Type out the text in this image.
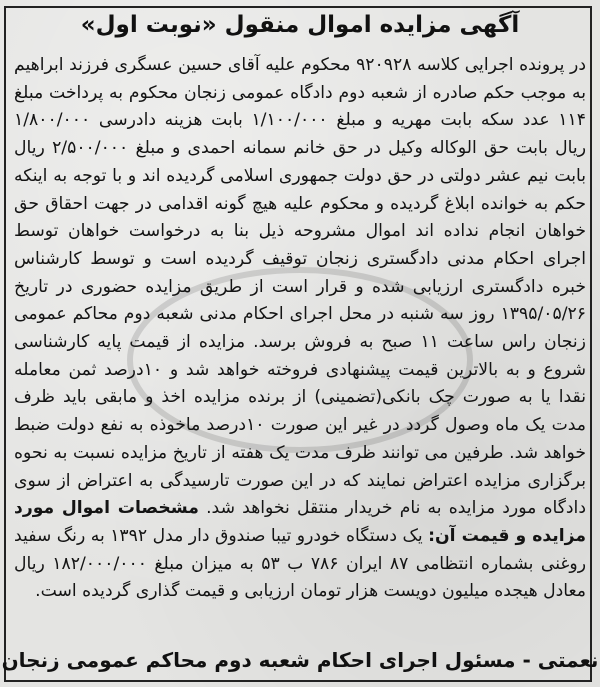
آگهی مزایده اموال منقول «نوبت اول»

در پرونده اجرایی کلاسه ۹۲۰۹۲۸ محکوم علیه آقای حسین عسگری فرزند ابراهیم به موجب حکم صادره از شعبه دوم دادگاه عمومی زنجان محکوم به پرداخت مبلغ ۱۱۴ عدد سکه بابت مهریه و مبلغ ۱/۱۰۰/۰۰۰ بابت هزینه دادرسی ۱/۸۰۰/۰۰۰ ریال بابت حق الوکاله وکیل در حق خانم سمانه احمدی و مبلغ ۲/۵۰۰/۰۰۰ ریال بابت نیم عشر دولتی در حق دولت جمهوری اسلامی گردیده اند و با توجه به اینکه حکم به خوانده ابلاغ گردیده و محکوم علیه هیچ گونه اقدامی در جهت احقاق حق خواهان انجام نداده اند اموال مشروحه ذیل بنا به درخواست خواهان توسط اجرای احکام مدنی دادگستری زنجان توقیف گردیده است و توسط کارشناس خبره دادگستری ارزیابی شده و قرار است از طریق مزایده حضوری در تاریخ ۱۳۹۵/۰۵/۲۶ روز سه شنبه در محل اجرای احکام مدنی شعبه دوم محاکم عمومی زنجان راس ساعت ۱۱ صبح به فروش برسد. مزایده از قیمت پایه کارشناسی شروع و به بالاترین قیمت پیشنهادی فروخته خواهد شد و ۱۰درصد ثمن معامله نقدا یا به صورت چک بانکی(تضمینی) از برنده مزایده اخذ و مابقی باید ظرف مدت یک ماه وصول گردد در غیر این صورت ۱۰درصد ماخوذه به نفع دولت ضبط خواهد شد. طرفین می توانند ظرف مدت یک هفته از تاریخ مزایده نسبت به نحوه برگزاری مزایده اعتراض نمایند که در این صورت تارسیدگی به اعتراض از سوی دادگاه مورد مزایده به نام خریدار منتقل نخواهد شد. مشخصات اموال مورد مزایده و قیمت آن: یک دستگاه خودرو تیبا صندوق دار مدل ۱۳۹۲ به رنگ سفید روغنی بشماره انتظامی ۸۷ ایران ۷۸۶ ب ۵۳ به میزان مبلغ ۱۸۲/۰۰۰/۰۰۰ ریال معادل هیجده میلیون دویست هزار تومان ارزیابی و قیمت گذاری گردیده است.

نعمتی - مسئول اجرای احکام شعبه دوم محاکم عمومی زنجان
